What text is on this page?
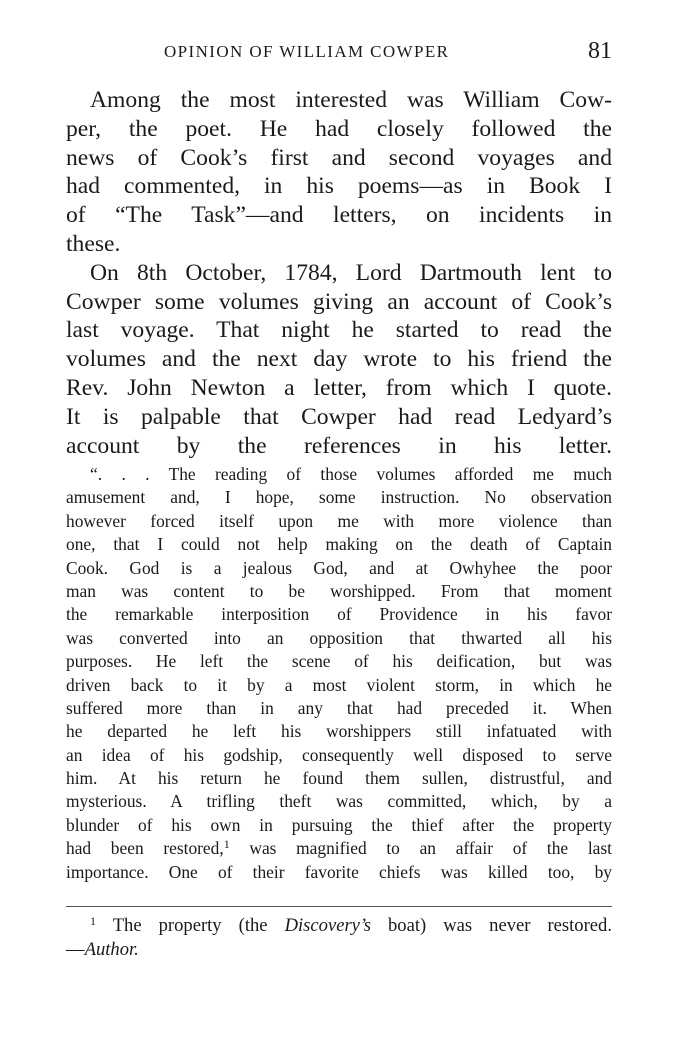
OPINION OF WILLIAM COWPER	81
Among the most interested was William Cow-
per, the poet. He had closely followed the
news of Cook’s first and second voyages and
had commented, in his poems—as in Book I
of “The Task”—and letters, on incidents in
these.
On 8th October, 1784, Lord Dartmouth lent to
Cowper some volumes giving an account of Cook’s
last voyage. That night he started to read the
volumes and the next day wrote to his friend the
Rev. John Newton a letter, from which I quote.
It is palpable that Cowper had read Ledyard’s
account by the references in his letter.
“. . . The reading of those volumes afforded me much
amusement and, I hope, some instruction. No observation
however forced itself upon me with more violence than
one, that I could not help making on the death of Captain
Cook. God is a jealous God, and at Owhyhee the poor
man was content to be worshipped. From that moment
the remarkable interposition of Providence in his favor
was converted into an opposition that thwarted all his
purposes. He left the scene of his deification, but was
driven back to it by a most violent storm, in which he
suffered more than in any that had preceded it. When
he departed he left his worshippers still infatuated with
an idea of his godship, consequently well disposed to serve
him. At his return he found them sullen, distrustful, and
mysterious. A trifling theft was committed, which, by a
blunder of his own in pursuing the thief after the property
had been restored,$^1$ was magnified to an affair of the last
importance. One of their favorite chiefs was killed too, by
$^1$ The property (the Discovery’s boat) was never restored.
—Author.
